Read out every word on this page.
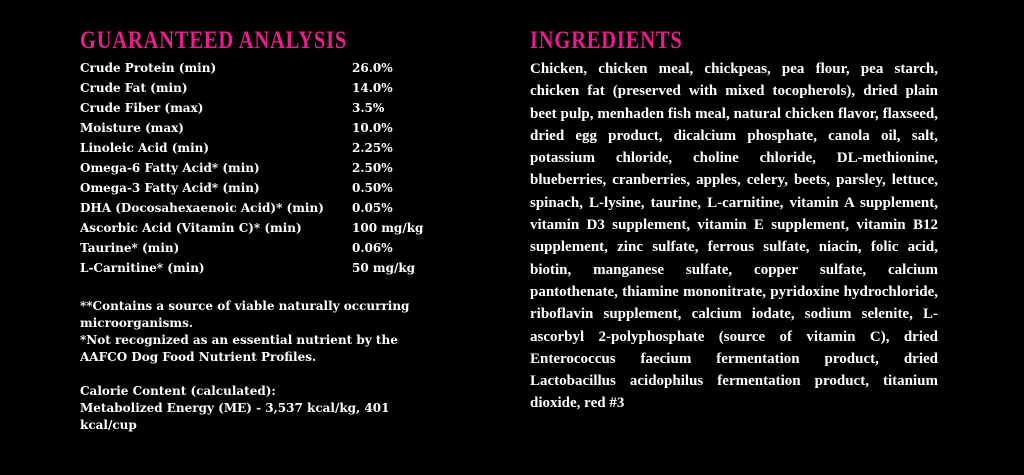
GUARANTEED ANALYSIS
Crude Protein (min)	26.0%
Crude Fat (min)	14.0%
Crude Fiber (max)	3.5%
Moisture (max)	10.0%
Linoleic Acid (min)	2.25%
Omega-6 Fatty Acid* (min)	2.50%
Omega-3 Fatty Acid* (min)	0.50%
DHA (Docosahexaenoic Acid)* (min)	0.05%
Ascorbic Acid (Vitamin C)* (min)	100 mg/kg
Taurine* (min)	0.06%
L-Carnitine* (min)	50 mg/kg

**Contains a source of viable naturally occurring microorganisms.

*Not recognized as an essential nutrient by the AAFCO Dog Food Nutrient Profiles.

Calorie Content (calculated):

Metabolized Energy (ME) - 3,537 kcal/kg, 401 kcal/cup

INGREDIENTS

Chicken, chicken meal, chickpeas, pea flour, pea starch, chicken fat (preserved with mixed tocopherols), dried plain beet pulp, menhaden fish meal, natural chicken flavor, flaxseed, dried egg product, dicalcium phosphate, canola oil, salt, potassium chloride, choline chloride, DL-methionine, blueberries, cranberries, apples, celery, beets, parsley, lettuce, spinach, L-lysine, taurine, L-carnitine, vitamin A supplement, vitamin D3 supplement, vitamin E supplement, vitamin B12 supplement, zinc sulfate, ferrous sulfate, niacin, folic acid, biotin, manganese sulfate, copper sulfate, calcium pantothenate, thiamine mononitrate, pyridoxine hydrochloride, riboflavin supplement, calcium iodate, sodium selenite, L-ascorbyl 2-polyphosphate (source of vitamin C), dried Enterococcus faecium fermentation product, dried Lactobacillus acidophilus fermentation product, titanium dioxide, red #3
